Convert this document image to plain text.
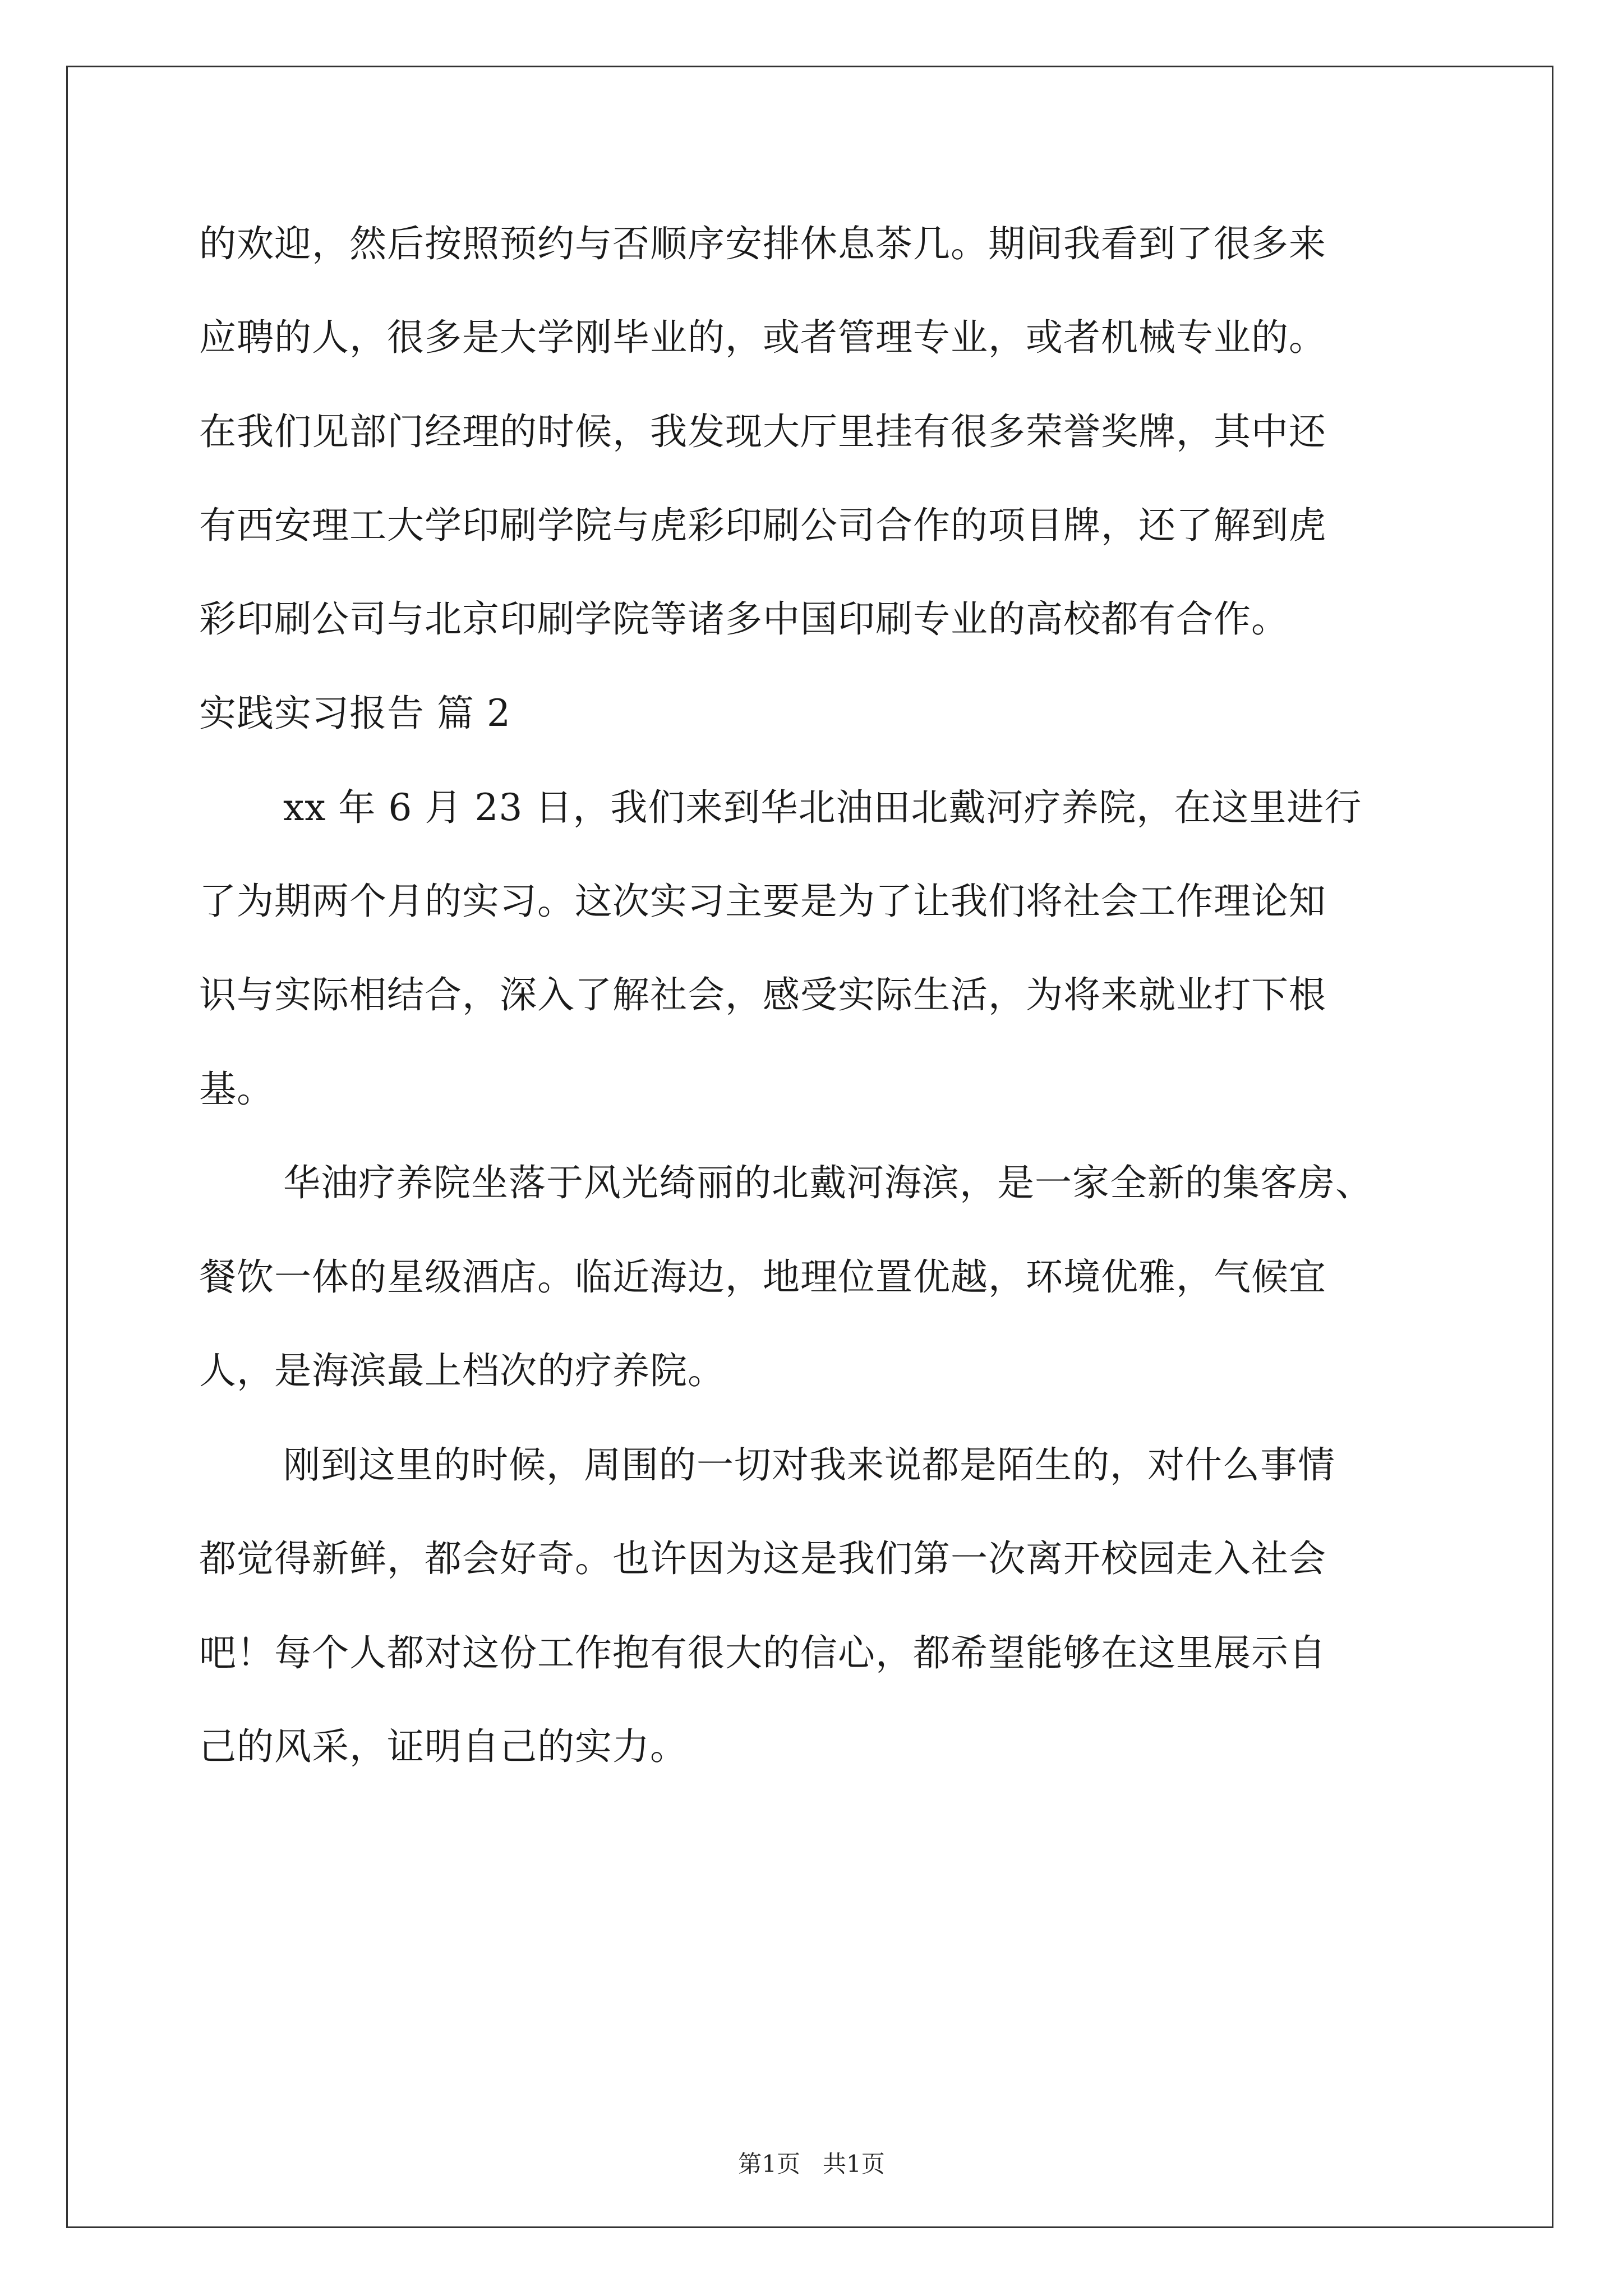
的欢迎，然后按照预约与否顺序安排休息茶几。期间我看到了很多来
应聘的人，很多是大学刚毕业的，或者管理专业，或者机械专业的。
在我们见部门经理的时候，我发现大厅里挂有很多荣誉奖牌，其中还
有西安理工大学印刷学院与虎彩印刷公司合作的项目牌，还了解到虎
彩印刷公司与北京印刷学院等诸多中国印刷专业的高校都有合作。
实践实习报告 篇 2
xx 年 6 月 23 日，我们来到华北油田北戴河疗养院，在这里进行
了为期两个月的实习。这次实习主要是为了让我们将社会工作理论知
识与实际相结合，深入了解社会，感受实际生活，为将来就业打下根
基。
华油疗养院坐落于风光绮丽的北戴河海滨，是一家全新的集客房、
餐饮一体的星级酒店。临近海边，地理位置优越，环境优雅，气候宜
人，是海滨最上档次的疗养院。
刚到这里的时候，周围的一切对我来说都是陌生的，对什么事情
都觉得新鲜，都会好奇。也许因为这是我们第一次离开校园走入社会
吧！每个人都对这份工作抱有很大的信心，都希望能够在这里展示自
己的风采，证明自己的实力。
第1页   共1页
